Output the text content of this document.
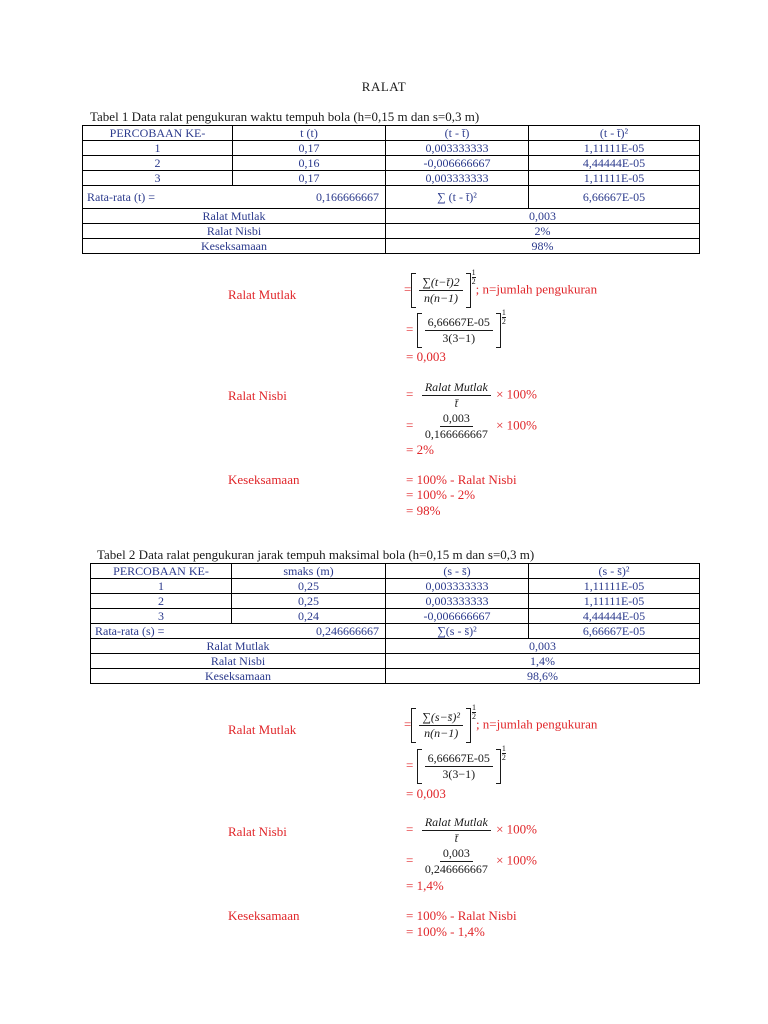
RALAT
Tabel 1 Data ralat pengukuran waktu tempuh bola (h=0,15 m dan s=0,3 m)
PERCOBAAN KE-	t (t)	(t - t̄)	(t - t̄)²
1	0,17	0,003333333	1,11111E-05
2	0,16	-0,006666667	4,44444E-05
3	0,17	0,003333333	1,11111E-05
Rata-rata (t) = 0,166666667		∑ (t - t̄)²	6,66667E-05
Ralat Mutlak		0,003	
Ralat Nisbi		2%	
Keseksamaan		98%	
Ralat Mutlak	= $\frac{\sum(t-t̄)2}{n(n-1)} \frac{1}{2}$
; n=jumlah pengukuran
= $\frac{6,66667E-05}{3(3-1)} \frac{1}{2}$
= 0,003
Ralat Nisbi	= $\frac{\text{Ralat Mutlak}}{t̄} \times 100\%$
= $\frac{0,003}{0,166666667} \times 100\%$
= 2%
Keseksamaan	= 100% - Ralat Nisbi
= 100% - 2%
= 98%
Tabel 2 Data ralat pengukuran jarak tempuh maksimal bola (h=0,15 m dan s=0,3 m)
PERCOBAAN KE-	smaks (m)	(s - s̄)	(s - s̄)²
1	0,25	0,003333333	1,11111E-05
2	0,25	0,003333333	1,11111E-05
3	0,24	-0,006666667	4,44444E-05
Rata-rata (s) = 0,246666667		∑(s - s̄)²	6,66667E-05
Ralat Mutlak		0,003	
Ralat Nisbi		1,4%	
Keseksamaan		98,6%	
Ralat Mutlak	= $\frac{\text{∑(s−s̄)²}}{n(n-1)} \frac{1}{2}$
; n=jumlah pengukuran
= $\frac{6,66667E-05}{3(3-1)} \frac{1}{2}$
= 0,003
Ralat Nisbi	= $\frac{\text{Ralat Mutlak}}{t̄} \times 100\%$
= $\frac{0,003}{0,246666667} \times 100\%$
= 1,4%
Keseksamaan	= 100% - Ralat Nisbi
= 100% - 1,4%
